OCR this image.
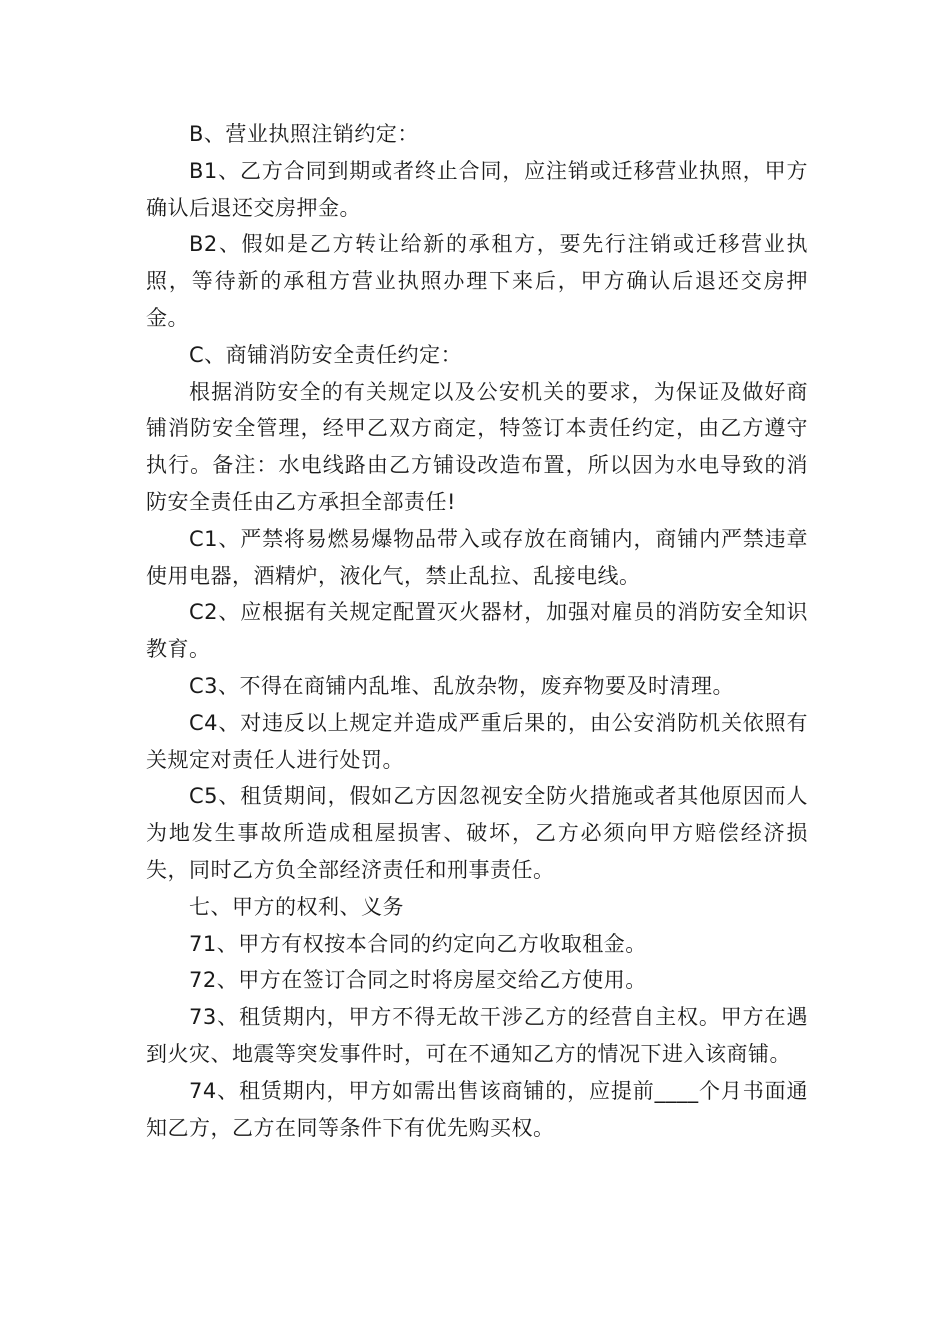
B、营业执照注销约定：

B1、乙方合同到期或者终止合同，应注销或迁移营业执照，甲方确认后退还交房押金。

B2、假如是乙方转让给新的承租方，要先行注销或迁移营业执照，等待新的承租方营业执照办理下来后，甲方确认后退还交房押金。

C、商铺消防安全责任约定：

根据消防安全的有关规定以及公安机关的要求，为保证及做好商铺消防安全管理，经甲乙双方商定，特签订本责任约定，由乙方遵守执行。备注：水电线路由乙方铺设改造布置，所以因为水电导致的消防安全责任由乙方承担全部责任!

C1、严禁将易燃易爆物品带入或存放在商铺内，商铺内严禁违章使用电器，酒精炉，液化气，禁止乱拉、乱接电线。

C2、应根据有关规定配置灭火器材，加强对雇员的消防安全知识教育。

C3、不得在商铺内乱堆、乱放杂物，废弃物要及时清理。

C4、对违反以上规定并造成严重后果的，由公安消防机关依照有关规定对责任人进行处罚。

C5、租赁期间，假如乙方因忽视安全防火措施或者其他原因而人为地发生事故所造成租屋损害、破坏，乙方必须向甲方赔偿经济损失，同时乙方负全部经济责任和刑事责任。

七、甲方的权利、义务

71、甲方有权按本合同的约定向乙方收取租金。

72、甲方在签订合同之时将房屋交给乙方使用。

73、租赁期内，甲方不得无故干涉乙方的经营自主权。甲方在遇到火灾、地震等突发事件时，可在不通知乙方的情况下进入该商铺。

74、租赁期内，甲方如需出售该商铺的，应提前____个月书面通知乙方，乙方在同等条件下有优先购买权。
